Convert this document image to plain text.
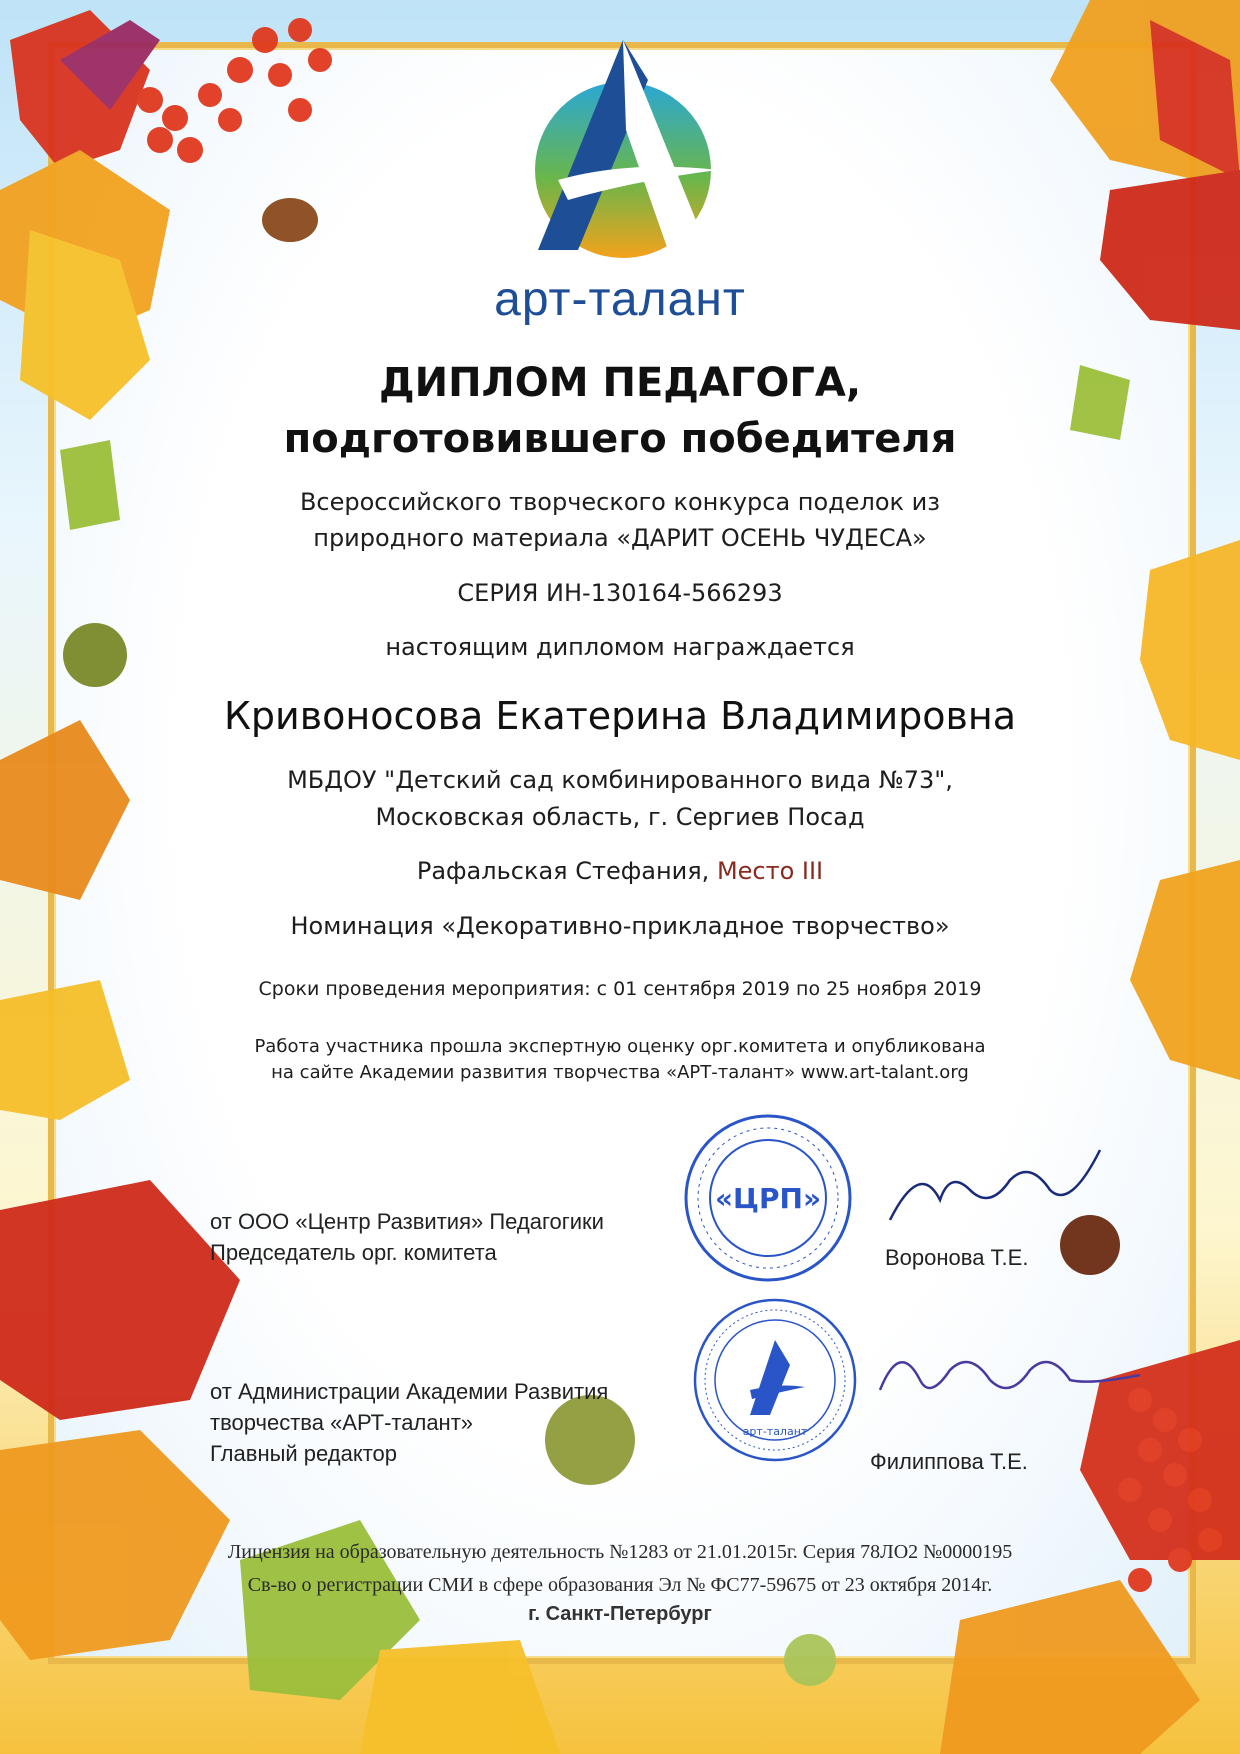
арт-талант
ДИПЛОМ ПЕДАГОГА,
подготовившего победителя
Всероссийского творческого конкурса поделок из
природного материала «ДАРИТ ОСЕНЬ ЧУДЕСА»
СЕРИЯ ИН-130164-566293
настоящим дипломом награждается
Кривоносова Екатерина Владимировна
МБДОУ "Детский сад комбинированного вида №73",
Московская область, г. Сергиев Посад
Рафальская Стефания, Место III
Номинация «Декоративно-прикладное творчество»
Сроки проведения мероприятия: с 01 сентября 2019 по 25 ноября 2019
Работа участника прошла экспертную оценку орг.комитета и опубликована
на сайте Академии развития творчества «АРТ-талант» www.art-talant.org
от ООО «Центр Развития» Педагогики
Председатель орг. комитета
«ЦРП»
Воронова Т.Е.
от Администрации Академии Развития
творчества «АРТ-талант»
Главный редактор
арт-талант
Филиппова Т.Е.
Лицензия на образовательную деятельность №1283 от 21.01.2015г. Серия 78ЛО2 №0000195
Св-во о регистрации СМИ в сфере образования Эл № ФС77-59675 от 23 октября 2014г.
г. Санкт-Петербург
